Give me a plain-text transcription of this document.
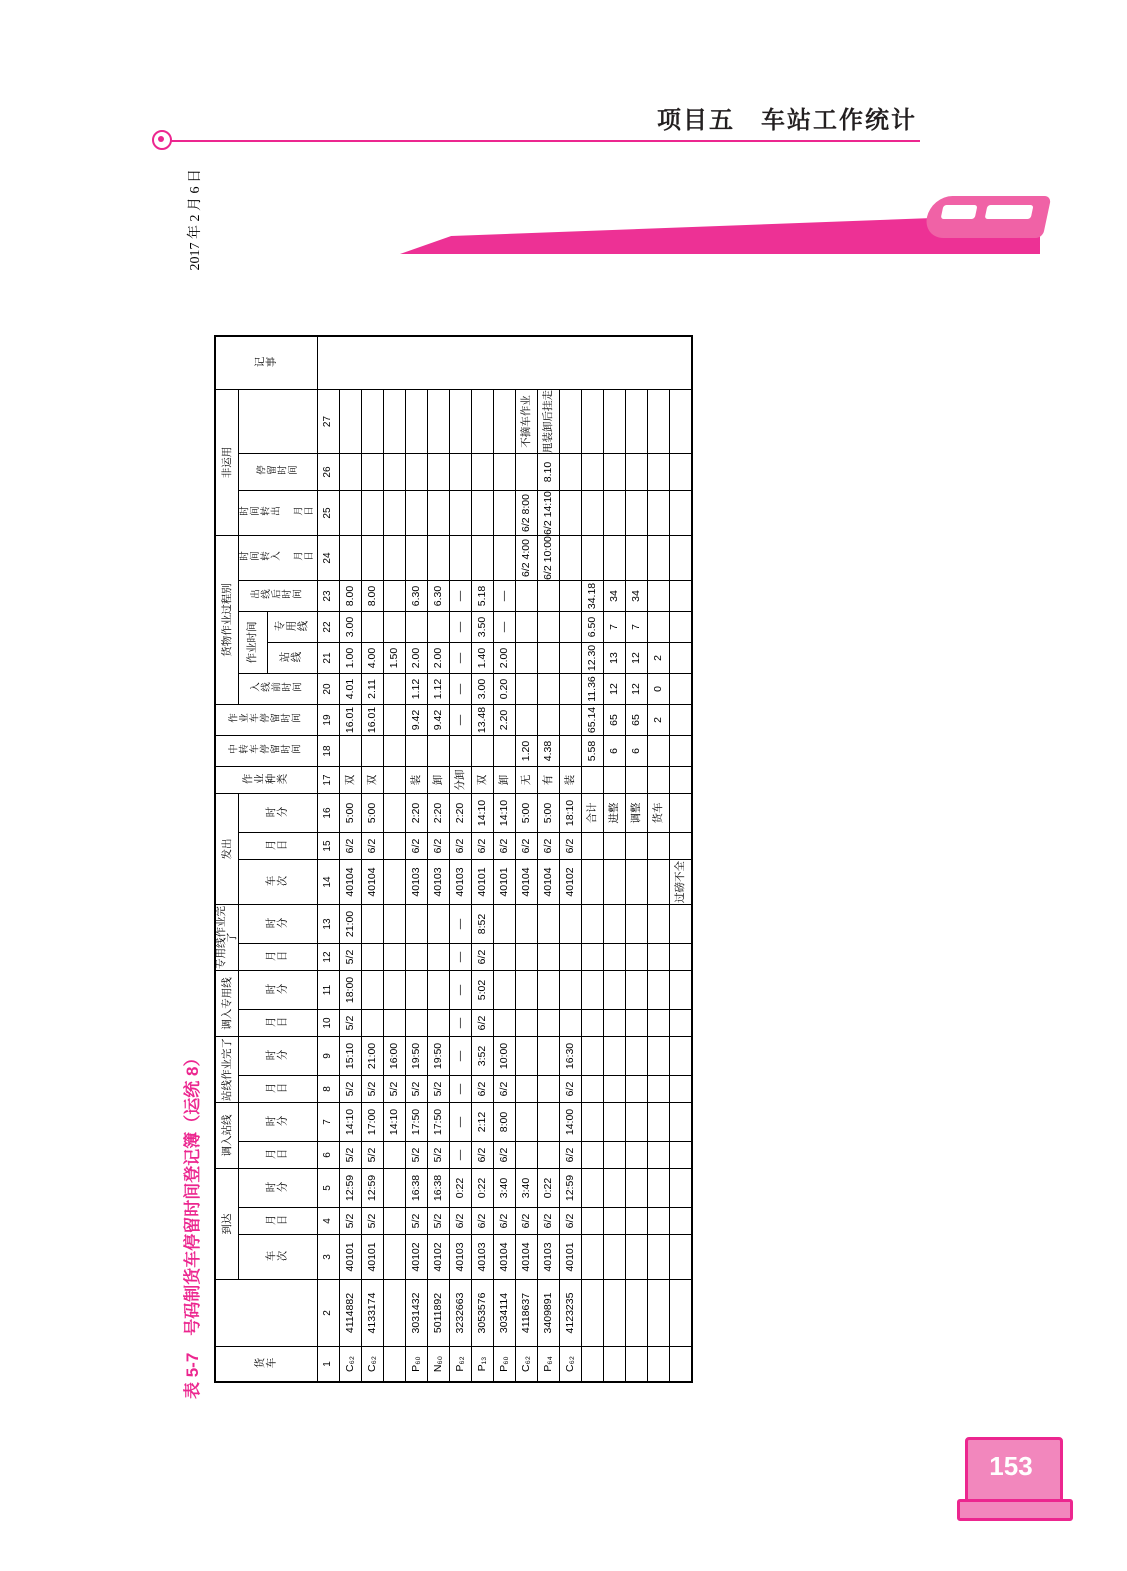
项目五　车站工作统计
表 5-7　号码制货车停留时间登记簿（运统 8）
2017 年 2 月 6 日
货车		到达			调入站线		站线作业完了		调入专用线		专用线作业完了		发出			作业种类	中转车停留时间	作业车停留时间	货物作业过程别					非运用			记事
		车次	月日	时分	月日	时分	月日	时分	月日	时分	月日	时分	车次	月日	时分				入线前时间	作业时间		出线后时间	时间转入 月日	时间转出 月日	停留时间		
																				站线	专用线						
1	2	3	4	5	6	7	8	9	10	11	12	13	14	15	16	17	18	19	20	21	22	23	24	25	26	27	
C₆₂	4114882	40101	5/2	12:59	5/2	14:10	5/2	15:10	5/2	18:00	5/2	21:00	40104	6/2	5:00	双		16.01	4.01	1.00	3.00	8.00					
C₆₂	4133174	40101	5/2	12:59	5/2	17:00	5/2	21:00					40104	6/2	5:00	双		16.01	2.11	4.00		8.00					
						14:10	5/2	16:00												1.50							
P₆₀	3031432	40102	5/2	16:38	5/2	17:50	5/2	19:50					40103	6/2	2:20	装		9.42	1.12	2.00		6.30					
N₆₀	5011892	40102	5/2	16:38	5/2	17:50	5/2	19:50					40103	6/2	2:20	卸		9.42	1.12	2.00		6.30					
P₆₂	3232663	40103	6/2	0:22	—	—	—	—	—	—	—	—	40103	6/2	2:20	分卸		—	—	—	—	—					
P₁₃	3053576	40103	6/2	0:22	6/2	2:12	6/2	3:52	6/2	5:02	6/2	8:52	40101	6/2	14:10	双		13.48	3.00	1.40	3.50	5.18					
P₆₀	3034114	40104	6/2	3:40	6/2	8:00	6/2	10:00					40101	6/2	14:10	卸		2.20	0.20	2.00	—	—					
C₆₂	4118637	40104	6/2	3:40									40104	6/2	5:00	无	1.20						6/2 4:00	6/2 8:00		不摘车作业	
P₆₄	3409891	40103	6/2	0:22									40104	6/2	5:00	有	4.38						6/2 10:00	6/2 14:10	8.10	甩装卸后挂走	
C₆₂	4123235	40101	6/2	12:59	6/2	14:00	6/2	16:30					40102	6/2	18:10	装											
															合计		5.58	65.14	11.36	12.30	6.50	34.18					
															进整		6	65	12	13	7	34					
															调整		6	65	12	12	7	34					
															货车			2	0	2							
													过磅不全														
153
